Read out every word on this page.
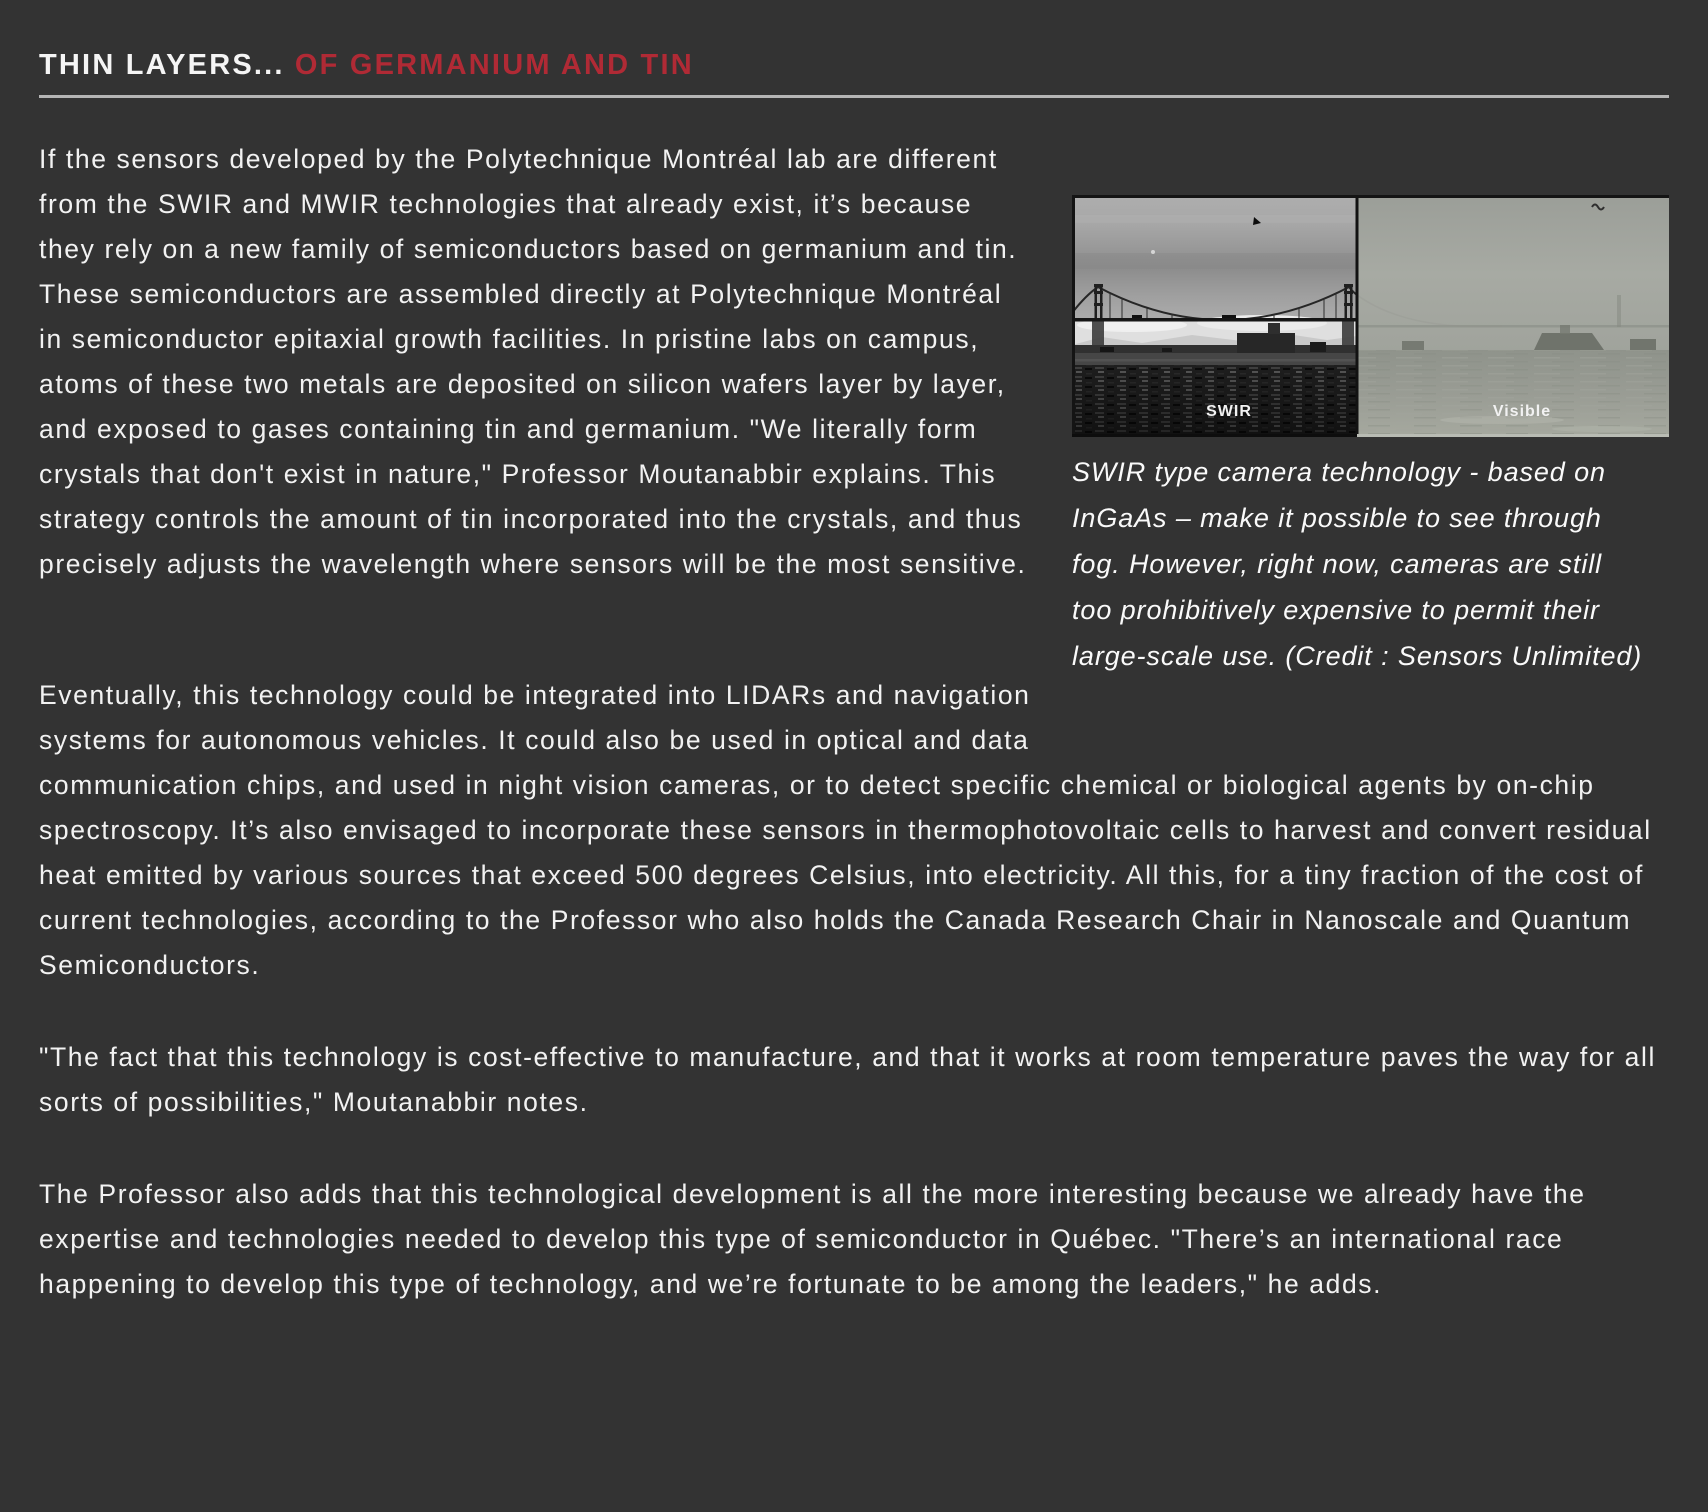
THIN LAYERS... OF GERMANIUM AND TIN
SWIR	Visible
SWIR type camera technology - based on InGaAs – make it possible to see through fog. However, right now, cameras are still too prohibitively expensive to permit their large-scale use. (Credit : Sensors Unlimited)

If the sensors developed by the Polytechnique Montréal lab are different from the SWIR and MWIR technologies that already exist, it’s because they rely on a new family of semiconductors based on germanium and tin.

These semiconductors are assembled directly at Polytechnique Montréal in semiconductor epitaxial growth facilities. In pristine labs on campus, atoms of these two metals are deposited on silicon wafers layer by layer, and exposed to gases containing tin and germanium. "We literally form crystals that don't exist in nature," Professor Moutanabbir explains. This strategy controls the amount of tin incorporated into the crystals, and thus precisely adjusts the wavelength where sensors will be the most sensitive.

Eventually, this technology could be integrated into LIDARs and navigation systems for autonomous vehicles. It could also be used in optical and data communication chips, and used in night vision cameras, or to detect specific chemical or biological agents by on-chip spectroscopy. It’s also envisaged to incorporate these sensors in thermophotovoltaic cells to harvest and convert residual heat emitted by various sources that exceed 500 degrees Celsius, into electricity. All this, for a tiny fraction of the cost of current technologies, according to the Professor who also holds the Canada Research Chair in Nanoscale and Quantum Semiconductors.

"The fact that this technology is cost-effective to manufacture, and that it works at room temperature paves the way for all sorts of possibilities," Moutanabbir notes.

The Professor also adds that this technological development is all the more interesting because we already have the expertise and technologies needed to develop this type of semiconductor in Québec. "There’s an international race happening to develop this type of technology, and we’re fortunate to be among the leaders," he adds.
